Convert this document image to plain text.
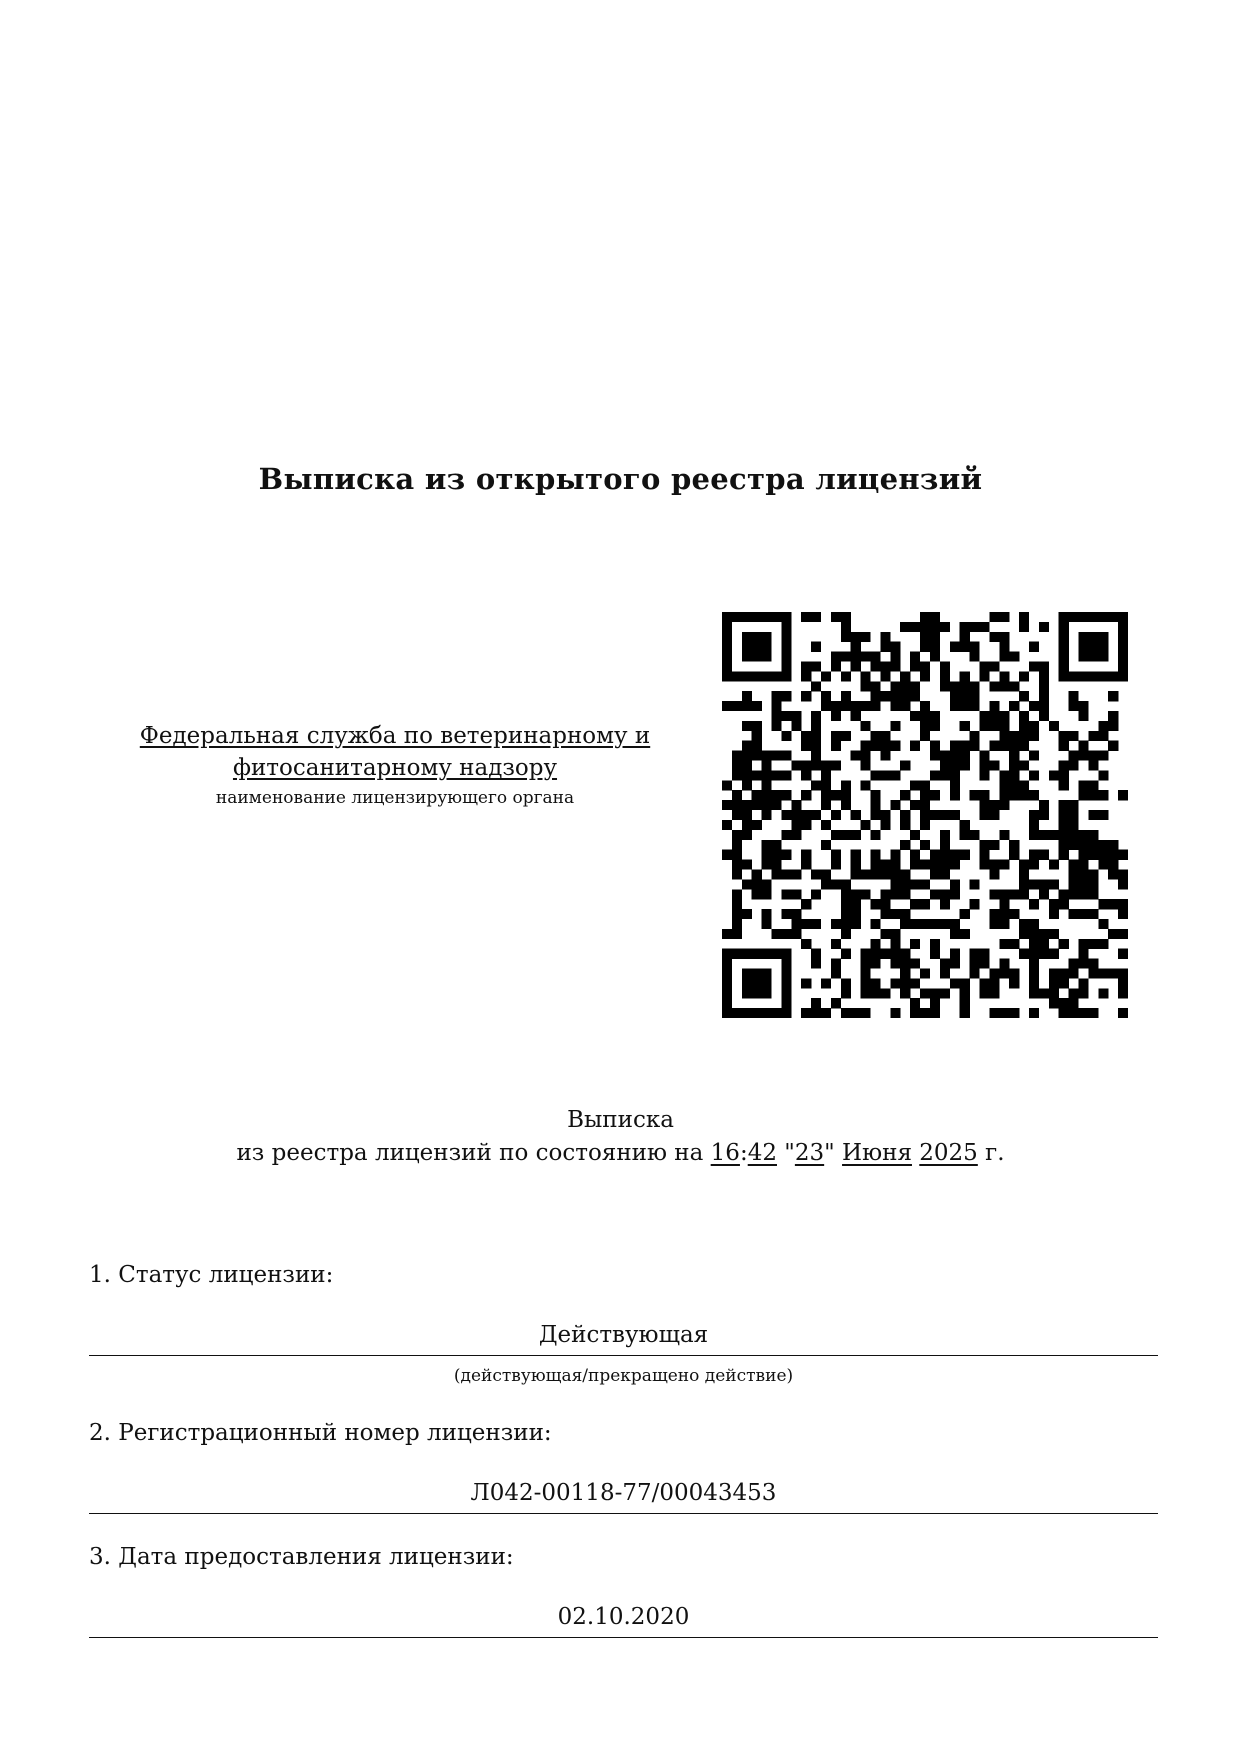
Выписка из открытого реестра лицензий
Федеральная служба по ветеринарному и
фитосанитарному надзору
наименование лицензирующего органа
Выписка
из реестра лицензий по состоянию на 16:42 "23" Июня 2025 г.
1. Статус лицензии:
Действующая
(действующая/прекращено действие)
2. Регистрационный номер лицензии:
Л042-00118-77/00043453
3. Дата предоставления лицензии:
02.10.2020
